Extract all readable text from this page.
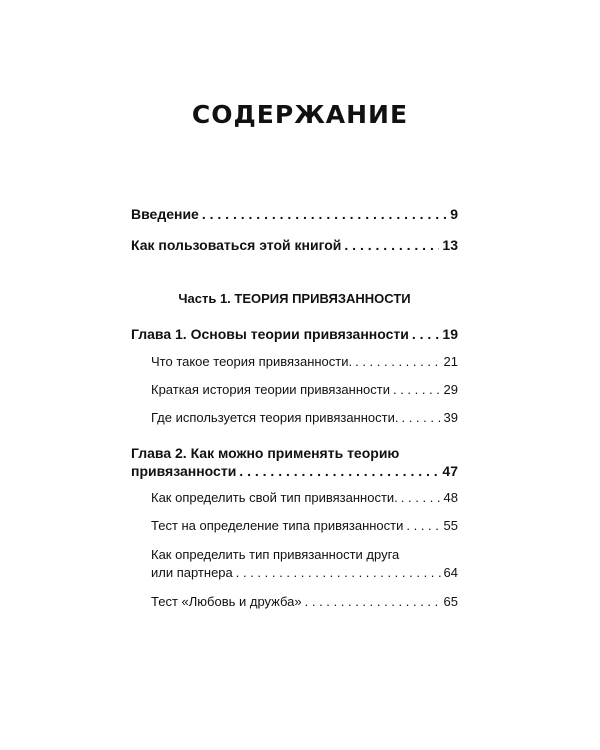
СОДЕРЖАНИЕ
Введение . . .	9
Как пользоваться этой книгой . . .	13
Часть 1. ТЕОРИЯ ПРИВЯЗАННОСТИ
Глава 1. Основы теории привязанности . . . 19
Что такое теория привязанности. . . .	21
Краткая история теории привязанности . . .	29
Где используется теория привязанности. . . .	39
Глава 2. Как можно применять теорию
привязанности . . .	47
Как определить свой тип привязанности. . . .	48
Тест на определение типа привязанности . . .	55
Как определить тип привязанности друга
или партнера . . .	64
Тест «Любовь и дружба» . . .	65
